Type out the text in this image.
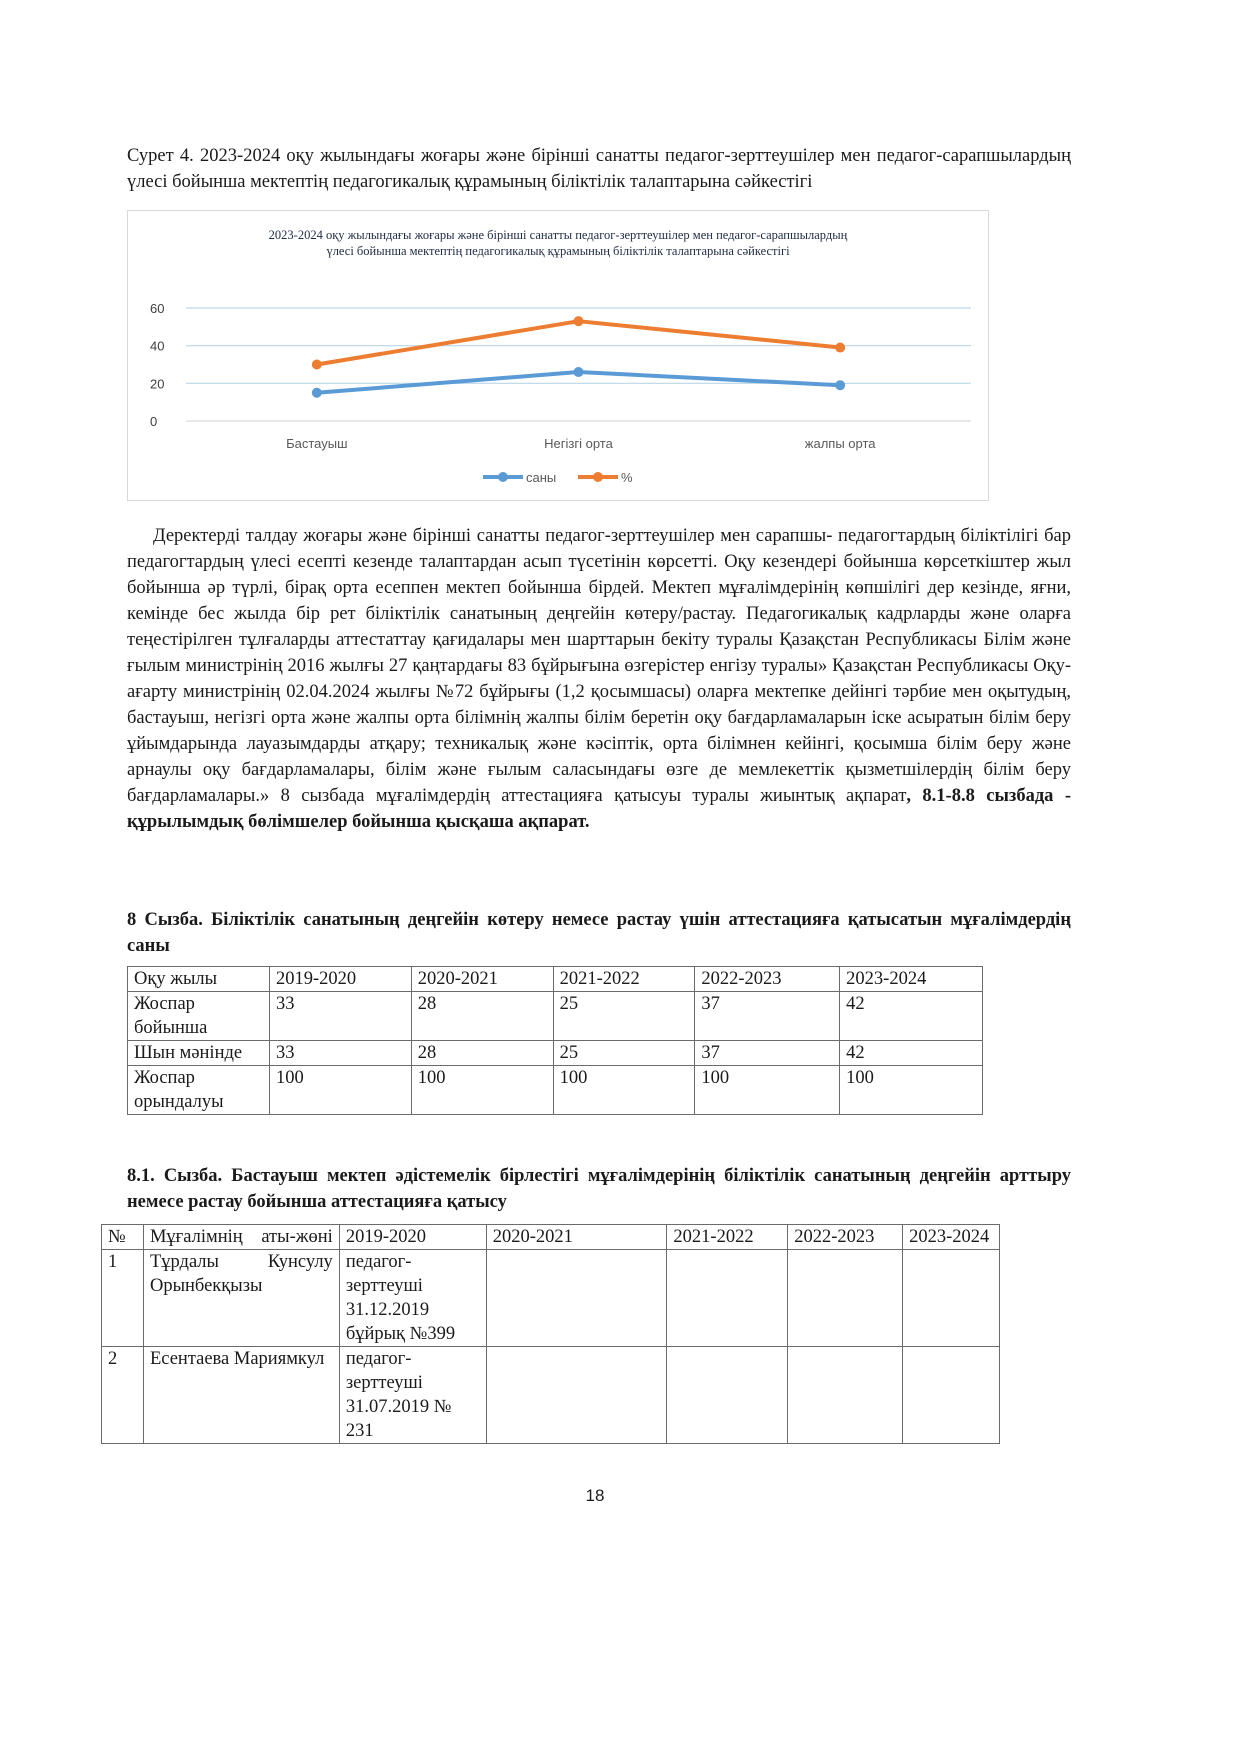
Сурет 4. 2023-2024 оқу жылындағы жоғары және бірінші санатты педагог-зерттеушілер мен педагог-сарапшылардың үлесі бойынша мектептің педагогикалық құрамының біліктілік талаптарына сәйкестігі
2023-2024 оқу жылындағы жоғары және бірінші санатты педагог-зерттеушілер мен педагог-сарапшылардың
үлесі бойынша мектептің педагогикалық құрамының біліктілік талаптарына сәйкестігі
0
20
40
60
Бастауыш	Негізгі орта	жалпы орта
саны	%
Деректерді талдау жоғары және бірінші санатты педагог-зерттеушілер мен сарапшы- педагогтардың біліктілігі бар педагогтардың үлесі есепті кезенде талаптардан асып түсетінін көрсетті. Оқу кезендері бойынша көрсеткіштер жыл бойынша әр түрлі, бірақ орта есеппен мектеп бойынша бірдей. Мектеп мұғалімдерінің көпшілігі дер кезінде, яғни, кемінде бес жылда бір рет біліктілік санатының деңгейін көтеру/растау. Педагогикалық кадрларды және оларға теңестірілген тұлғаларды аттестаттау қағидалары мен шарттарын бекіту туралы Қазақстан Республикасы Білім және ғылым министрінің 2016 жылғы 27 қаңтардағы 83 бұйрығына өзгерістер енгізу туралы» Қазақстан Республикасы Оқу-ағарту министрінің 02.04.2024 жылғы №72 бұйрығы (1,2 қосымшасы) оларға мектепке дейінгі тәрбие мен оқытудың, бастауыш, негізгі орта және жалпы орта білімнің жалпы білім беретін оқу бағдарламаларын іске асыратын білім беру ұйымдарында лауазымдарды атқару; техникалық және кәсіптік, орта білімнен кейінгі, қосымша білім беру және арнаулы оқу бағдарламалары, білім және ғылым саласындағы өзге де мемлекеттік қызметшілердің білім беру бағдарламалары.» 8 сызбада мұғалімдердің аттестацияға қатысуы туралы жиынтық ақпарат, 8.1-8.8 сызбада - құрылымдық бөлімшелер бойынша қысқаша ақпарат.
8 Сызба. Біліктілік санатының деңгейін көтеру немесе растау үшін аттестацияға қатысатын мұғалімдердің саны
Оқу жылы	2019-2020	2020-2021	2021-2022	2022-2023	2023-2024
Жоспар бойынша	33	28	25	37	42
Шын мәнінде	33	28	25	37	42
Жоспар орындалуы	100	100	100	100	100
8.1. Сызба. Бастауыш мектеп әдістемелік бірлестігі мұғалімдерінің біліктілік санатының деңгейін арттыру немесе растау бойынша аттестацияға қатысу
№	Мұғалімнің аты-жөні	2019-2020	2020-2021	2021-2022	2022-2023	2023-2024
1	Тұрдалы Кунсулу Орынбекқызы	педагог-зерттеуші 31.12.2019 бұйрық №399				
2	Есентаева Мариямкул	педагог-зерттеуші 31.07.2019 № 231				
18
